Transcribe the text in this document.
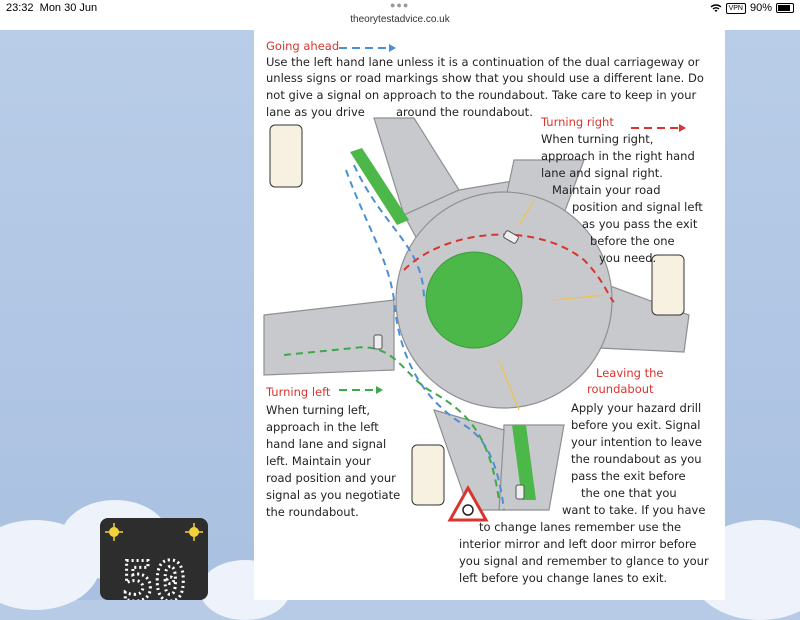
23:32 Mon 30 Jun	●●●
theorytestadvice.co.uk
VPN 90%
50
Going ahead
Use the left hand lane unless it is a continuation of the dual carriageway or
unless signs or road markings show that you should use a different lane. Do
not give a signal on approach to the roundabout. Take care to keep in your
lane as you drive	around the roundabout.
Turning right
When turning right,
approach in the right hand
lane and signal right.
Maintain your road
position and signal left
as you pass the exit
before the one
you need.
Turning left
When turning left,
approach in the left
hand lane and signal
left. Maintain your
road position and your
signal as you negotiate
the roundabout.
Leaving the
roundabout
Apply your hazard drill
before you exit. Signal
your intention to leave
the roundabout as you
pass the exit before
the one that you
want to take. If you have
to change lanes remember use the
interior mirror and left door mirror before
you signal and remember to glance to your
left before you change lanes to exit.
